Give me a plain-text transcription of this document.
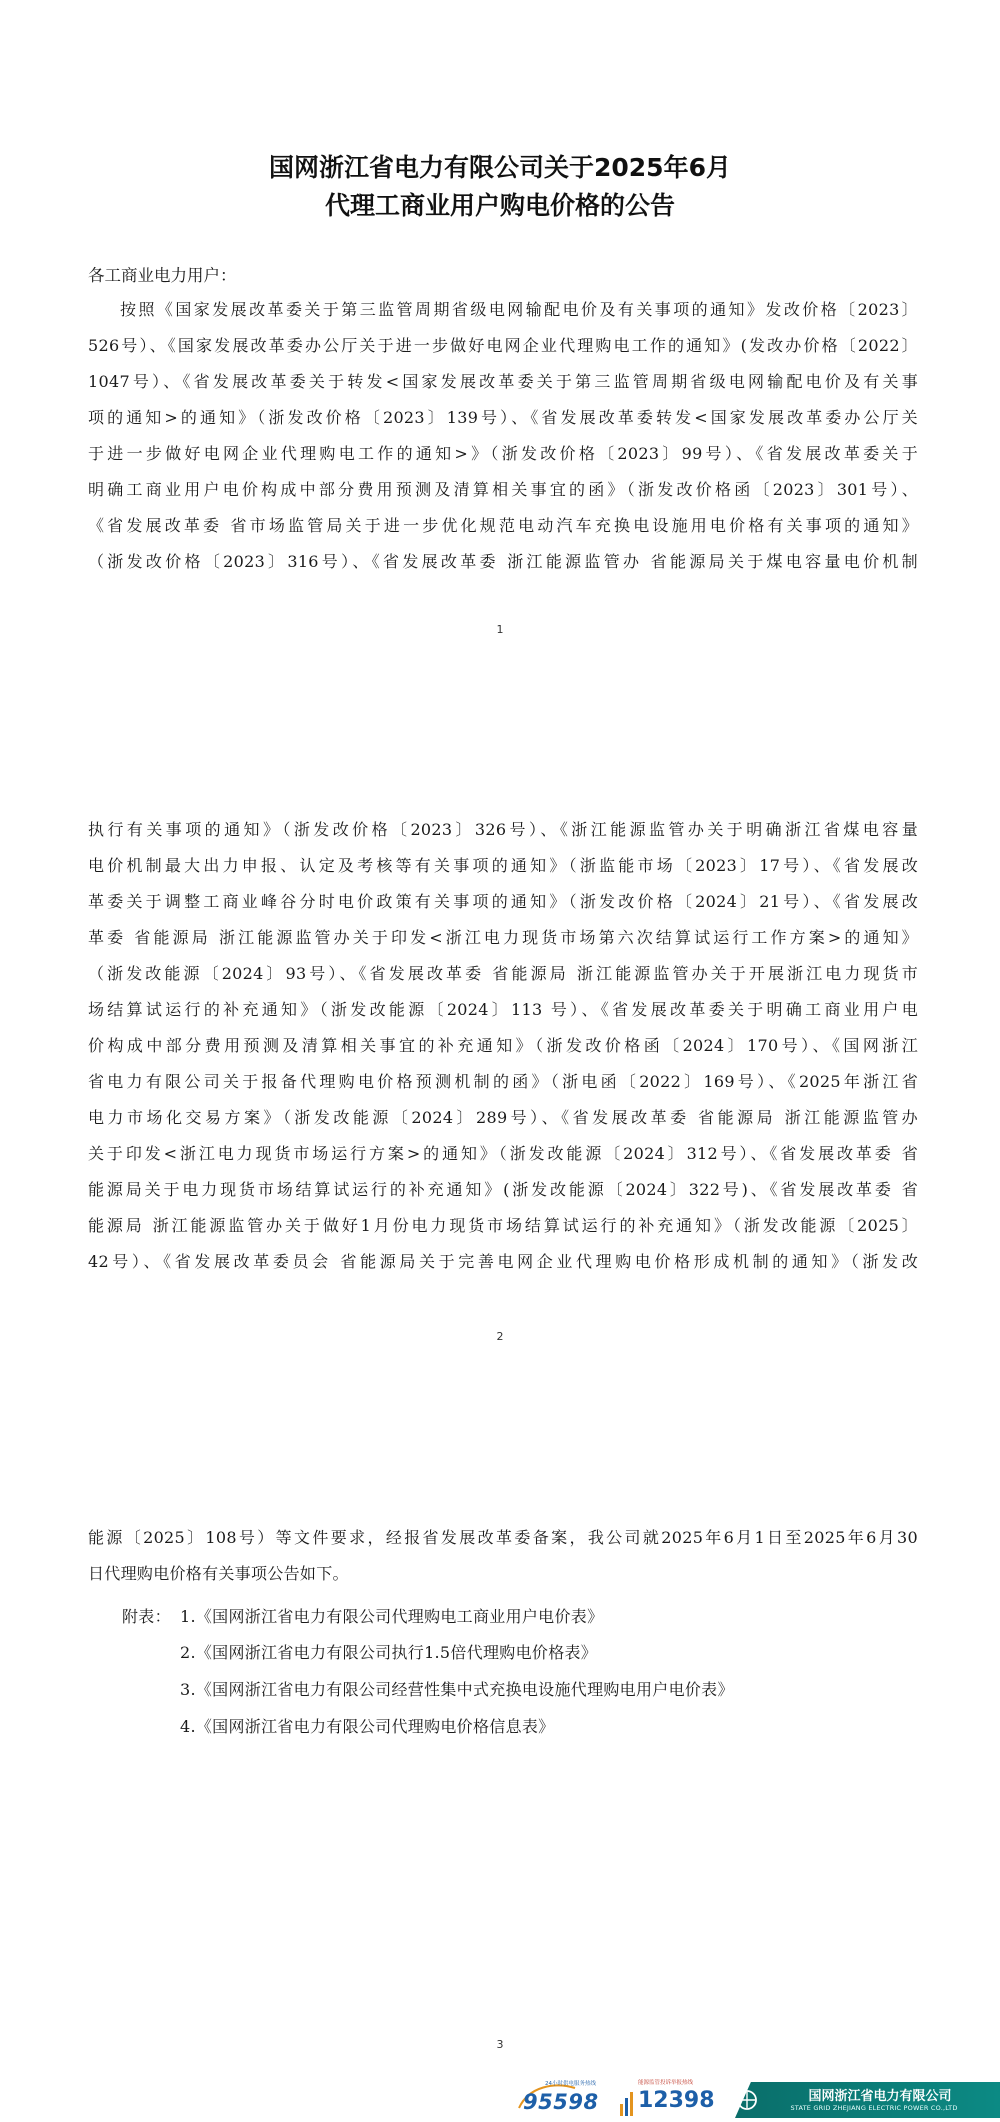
国网浙江省电力有限公司关于2025年6月
代理工商业用户购电价格的公告
各工商业电力用户：
按照《国家发展改革委关于第三监管周期省级电网输配电价及有关事项的通知》发改价格〔2023〕
526号）、《国家发展改革委办公厅关于进一步做好电网企业代理购电工作的通知》(发改办价格〔2022〕
1047号）、《省发展改革委关于转发<国家发展改革委关于第三监管周期省级电网输配电价及有关事
项的通知>的通知》（浙发改价格〔2023〕139号）、《省发展改革委转发<国家发展改革委办公厅关
于进一步做好电网企业代理购电工作的通知>》（浙发改价格〔2023〕99号）、《省发展改革委关于
明确工商业用户电价构成中部分费用预测及清算相关事宜的函》（浙发改价格函〔2023〕301号）、
《省发展改革委 省市场监管局关于进一步优化规范电动汽车充换电设施用电价格有关事项的通知》
（浙发改价格〔2023〕316号）、《省发展改革委 浙江能源监管办 省能源局关于煤电容量电价机制
1
执行有关事项的通知》（浙发改价格〔2023〕326号）、《浙江能源监管办关于明确浙江省煤电容量
电价机制最大出力申报、认定及考核等有关事项的通知》（浙监能市场〔2023〕17号）、《省发展改
革委关于调整工商业峰谷分时电价政策有关事项的通知》（浙发改价格〔2024〕21号）、《省发展改
革委 省能源局 浙江能源监管办关于印发<浙江电力现货市场第六次结算试运行工作方案>的通知》
（浙发改能源〔2024〕93号）、《省发展改革委 省能源局 浙江能源监管办关于开展浙江电力现货市
场结算试运行的补充通知》（浙发改能源〔2024〕113 号）、《省发展改革委关于明确工商业用户电
价构成中部分费用预测及清算相关事宜的补充通知》（浙发改价格函〔2024〕170号）、《国网浙江
省电力有限公司关于报备代理购电价格预测机制的函》（浙电函〔2022〕169号）、《2025年浙江省
电力市场化交易方案》（浙发改能源〔2024〕289号）、《省发展改革委 省能源局 浙江能源监管办
关于印发<浙江电力现货市场运行方案>的通知》（浙发改能源〔2024〕312号）、《省发展改革委 省
能源局关于电力现货市场结算试运行的补充通知》(浙发改能源〔2024〕322号)、《省发展改革委 省
能源局 浙江能源监管办关于做好1月份电力现货市场结算试运行的补充通知》（浙发改能源〔2025〕
42号）、《省发展改革委员会 省能源局关于完善电网企业代理购电价格形成机制的通知》（浙发改
2
能源〔2025〕108号）等文件要求，经报省发展改革委备案，我公司就2025年6月1日至2025年6月30
日代理购电价格有关事项公告如下。
附表： 1.《国网浙江省电力有限公司代理购电工商业用户电价表》
2.《国网浙江省电力有限公司执行1.5倍代理购电价格表》
3.《国网浙江省电力有限公司经营性集中式充换电设施代理购电用户电价表》
4.《国网浙江省电力有限公司代理购电价格信息表》
3
24小时供电服务热线
95598
能源监管投诉举报热线
12398	国网浙江省电力有限公司
STATE GRID ZHEJIANG ELECTRIC POWER CO.,LTD
